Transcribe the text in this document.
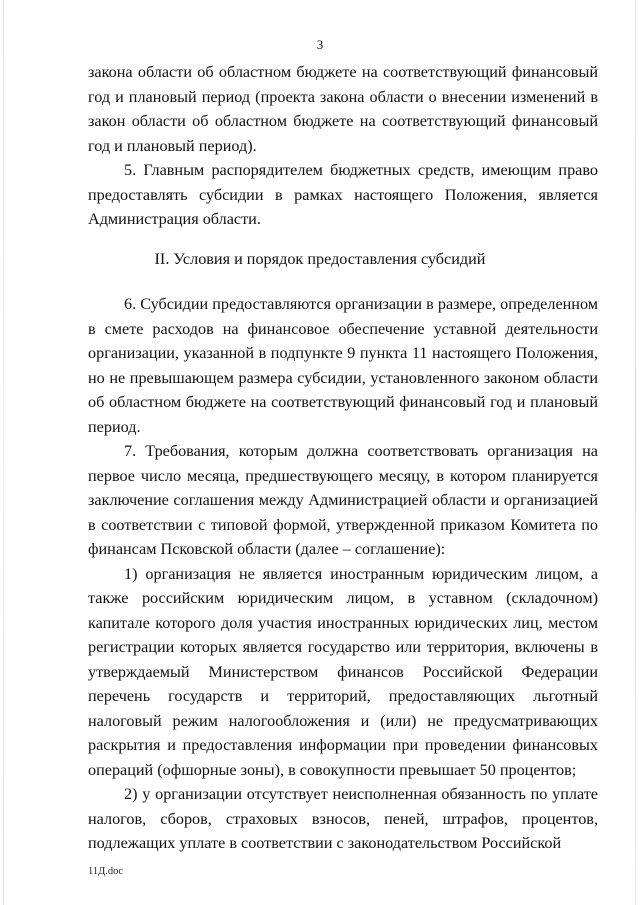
3

закона области об областном бюджете на соответствующий финансовый год и плановый период (проекта закона области о внесении изменений в закон области об областном бюджете на соответствующий финансовый год и плановый период).

5. Главным распорядителем бюджетных средств, имеющим право предоставлять субсидии в рамках настоящего Положения, является Администрация области.

II. Условия и порядок предоставления субсидий

6. Субсидии предоставляются организации в размере, определенном в смете расходов на финансовое обеспечение уставной деятельности организации, указанной в подпункте 9 пункта 11 настоящего Положения, но не превышающем размера субсидии, установленного законом области об областном бюджете на соответствующий финансовый год и плановый период.

7. Требования, которым должна соответствовать организация на первое число месяца, предшествующего месяцу, в котором планируется заключение соглашения между Администрацией области и организацией в соответствии с типовой формой, утвержденной приказом Комитета по финансам Псковской области (далее – соглашение):

1) организация не является иностранным юридическим лицом, а также российским юридическим лицом, в уставном (складочном) капитале которого доля участия иностранных юридических лиц, местом регистрации которых является государство или территория, включены в утверждаемый Министерством финансов Российской Федерации перечень государств и территорий, предоставляющих льготный налоговый режим налогообложения и (или) не предусматривающих раскрытия и предоставления информации при проведении финансовых операций (офшорные зоны), в совокупности превышает 50 процентов;

2) у организации отсутствует неисполненная обязанность по уплате налогов, сборов, страховых взносов, пеней, штрафов, процентов, подлежащих уплате в соответствии с законодательством Российской

11Д.doc
